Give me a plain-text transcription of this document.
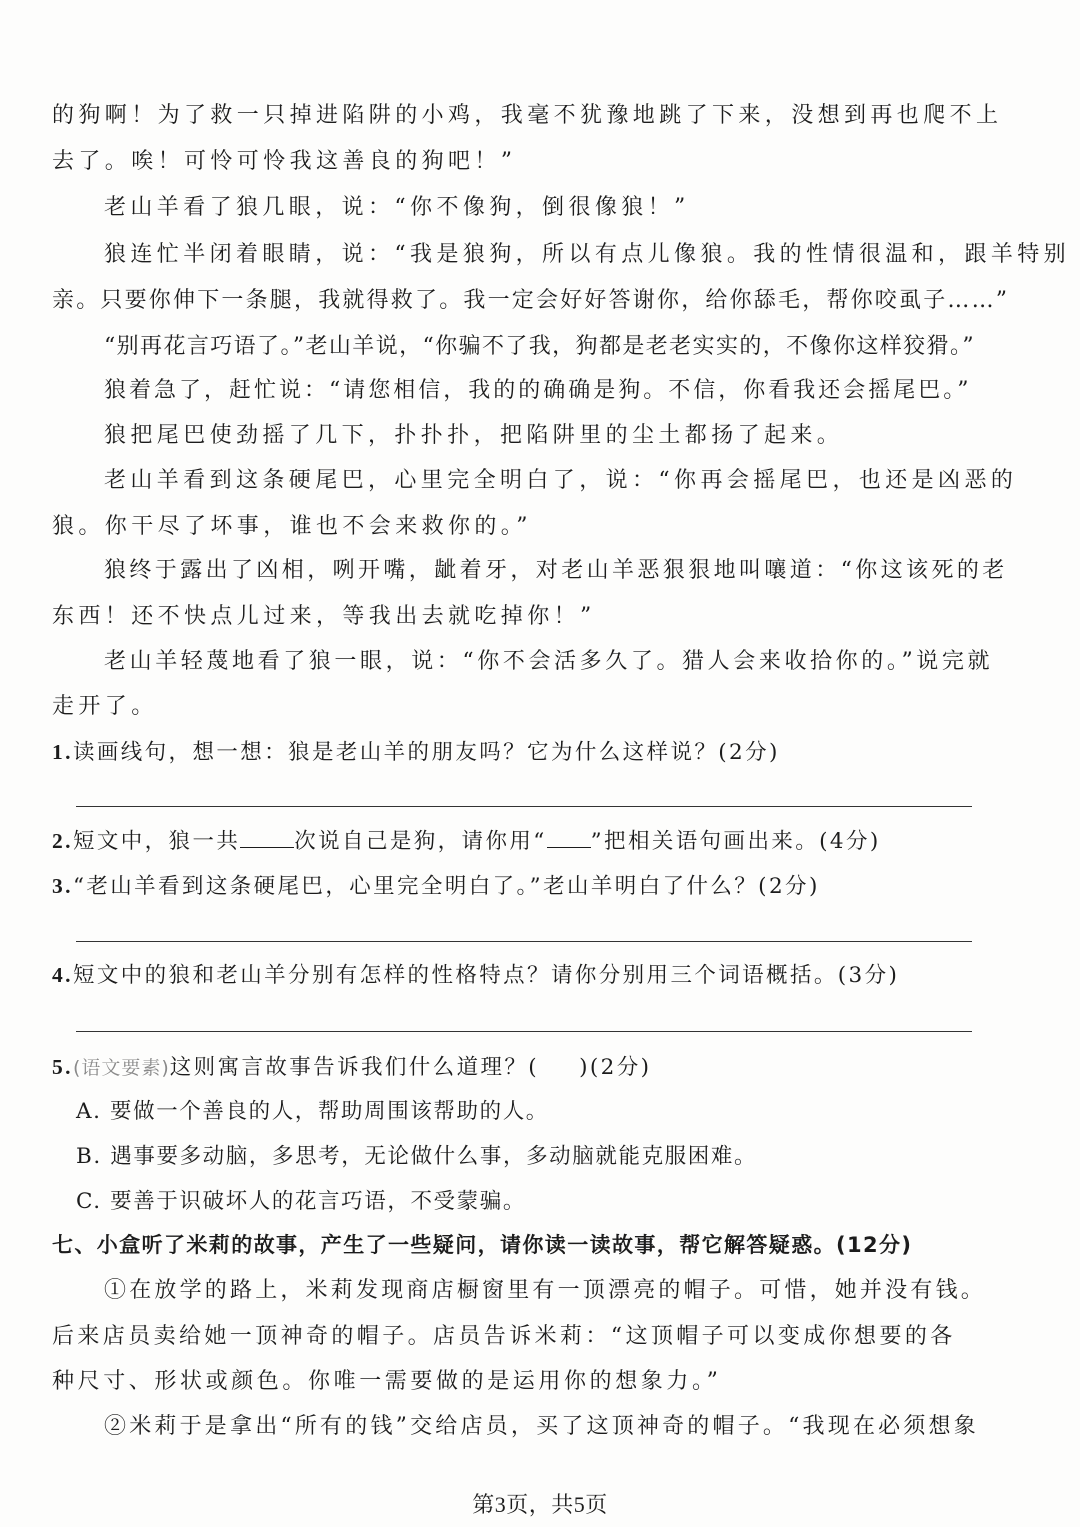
的狗啊！为了救一只掉进陷阱的小鸡，我毫不犹豫地跳了下来，没想到再也爬不上
去了。唉！可怜可怜我这善良的狗吧！”
老山羊看了狼几眼，说：“你不像狗，倒很像狼！”
狼连忙半闭着眼睛，说：“我是狼狗，所以有点儿像狼。我的性情很温和，跟羊特别
亲。只要你伸下一条腿，我就得救了。我一定会好好答谢你，给你舔毛，帮你咬虱子……”
“别再花言巧语了。”老山羊说，“你骗不了我，狗都是老老实实的，不像你这样狡猾。”
狼着急了，赶忙说：“请您相信，我的的确确是狗。不信，你看我还会摇尾巴。”
狼把尾巴使劲摇了几下，扑扑扑，把陷阱里的尘土都扬了起来。
老山羊看到这条硬尾巴，心里完全明白了，说：“你再会摇尾巴，也还是凶恶的
狼。你干尽了坏事，谁也不会来救你的。”
狼终于露出了凶相，咧开嘴，龇着牙，对老山羊恶狠狠地叫嚷道：“你这该死的老
东西！还不快点儿过来，等我出去就吃掉你！”
老山羊轻蔑地看了狼一眼，说：“你不会活多久了。猎人会来收拾你的。”说完就
走开了。
1.读画线句，想一想：狼是老山羊的朋友吗？它为什么这样说？(2分)
2.短文中，狼一共	次说自己是狗，请你用“ ”把相关语句画出来。(4分)
3.“老山羊看到这条硬尾巴，心里完全明白了。”老山羊明白了什么？(2分)
4.短文中的狼和老山羊分别有怎样的性格特点？请你分别用三个词语概括。(3分)
5.(语文要素)这则寓言故事告诉我们什么道理？( )(2分)
A. 要做一个善良的人，帮助周围该帮助的人。
B. 遇事要多动脑，多思考，无论做什么事，多动脑就能克服困难。
C. 要善于识破坏人的花言巧语，不受蒙骗。
七、小盒听了米莉的故事，产生了一些疑问，请你读一读故事，帮它解答疑惑。(12分)
①在放学的路上，米莉发现商店橱窗里有一顶漂亮的帽子。可惜，她并没有钱。
后来店员卖给她一顶神奇的帽子。店员告诉米莉：“这顶帽子可以变成你想要的各
种尺寸、形状或颜色。你唯一需要做的是运用你的想象力。”
②米莉于是拿出“所有的钱”交给店员，买了这顶神奇的帽子。“我现在必须想象
第3页，共5页
